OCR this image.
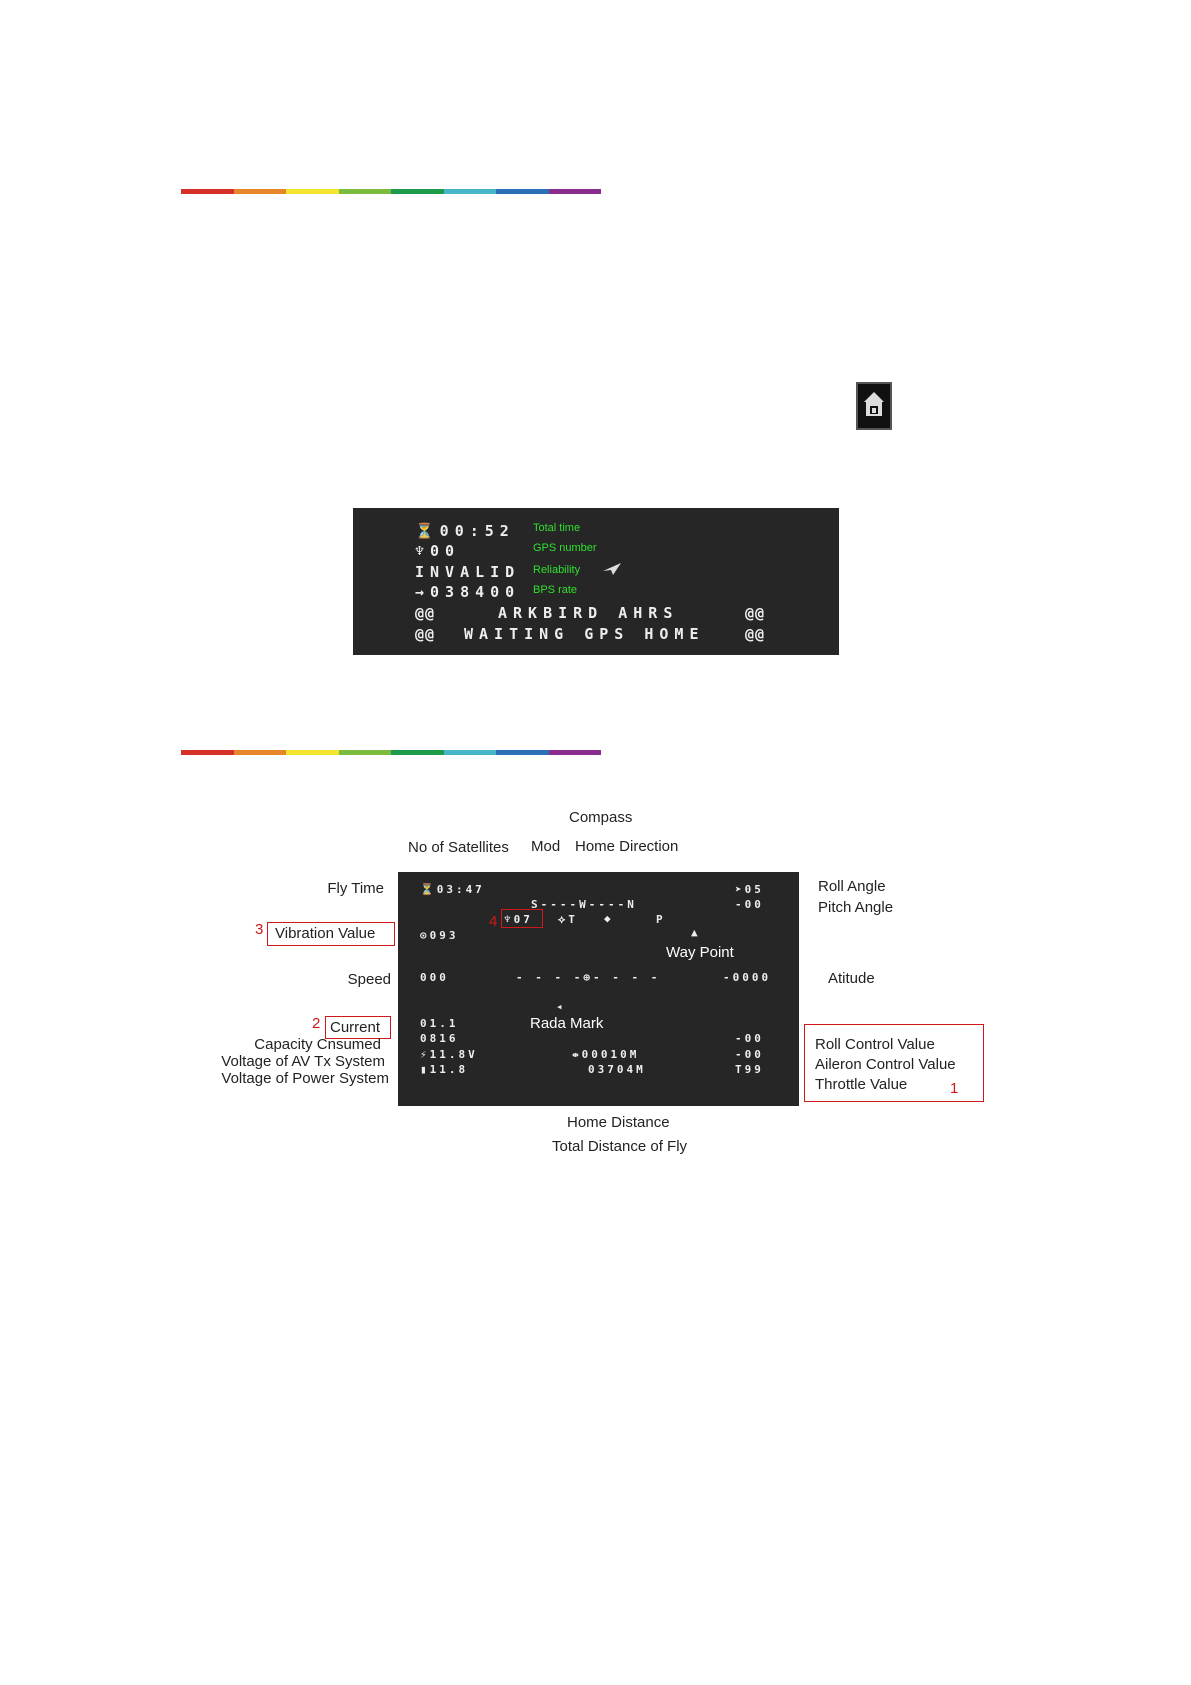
⏳00:52 Total time
♆00	GPS number
INVALID Reliability
→038400 BPS rate
@@	ARKBIRD AHRS	@@
@@ WAITING GPS HOME	@@
Compass
No of Satellites Mod Home Direction
Fly Time
3 Vibration Value
Speed
2 Current
Capacity Cnsumed
Voltage of AV Tx System
Voltage of Power System
Roll Angle
Pitch Angle
Atitude
Roll Control Value
Aileron Control Value
Throttle Value	1
Home Distance
Total Distance of Fly
⏳03:47
S----W----N
➤05
-00
♆07 ⟡T ◆	P
▲
⊙093
Way Point
000	- - - -⊕- - - -	-0000
◂
Rada Mark
01.1
0816
⚡11.8V
▮11.8
⇹00010M
03704M
-00
-00
T99
4
